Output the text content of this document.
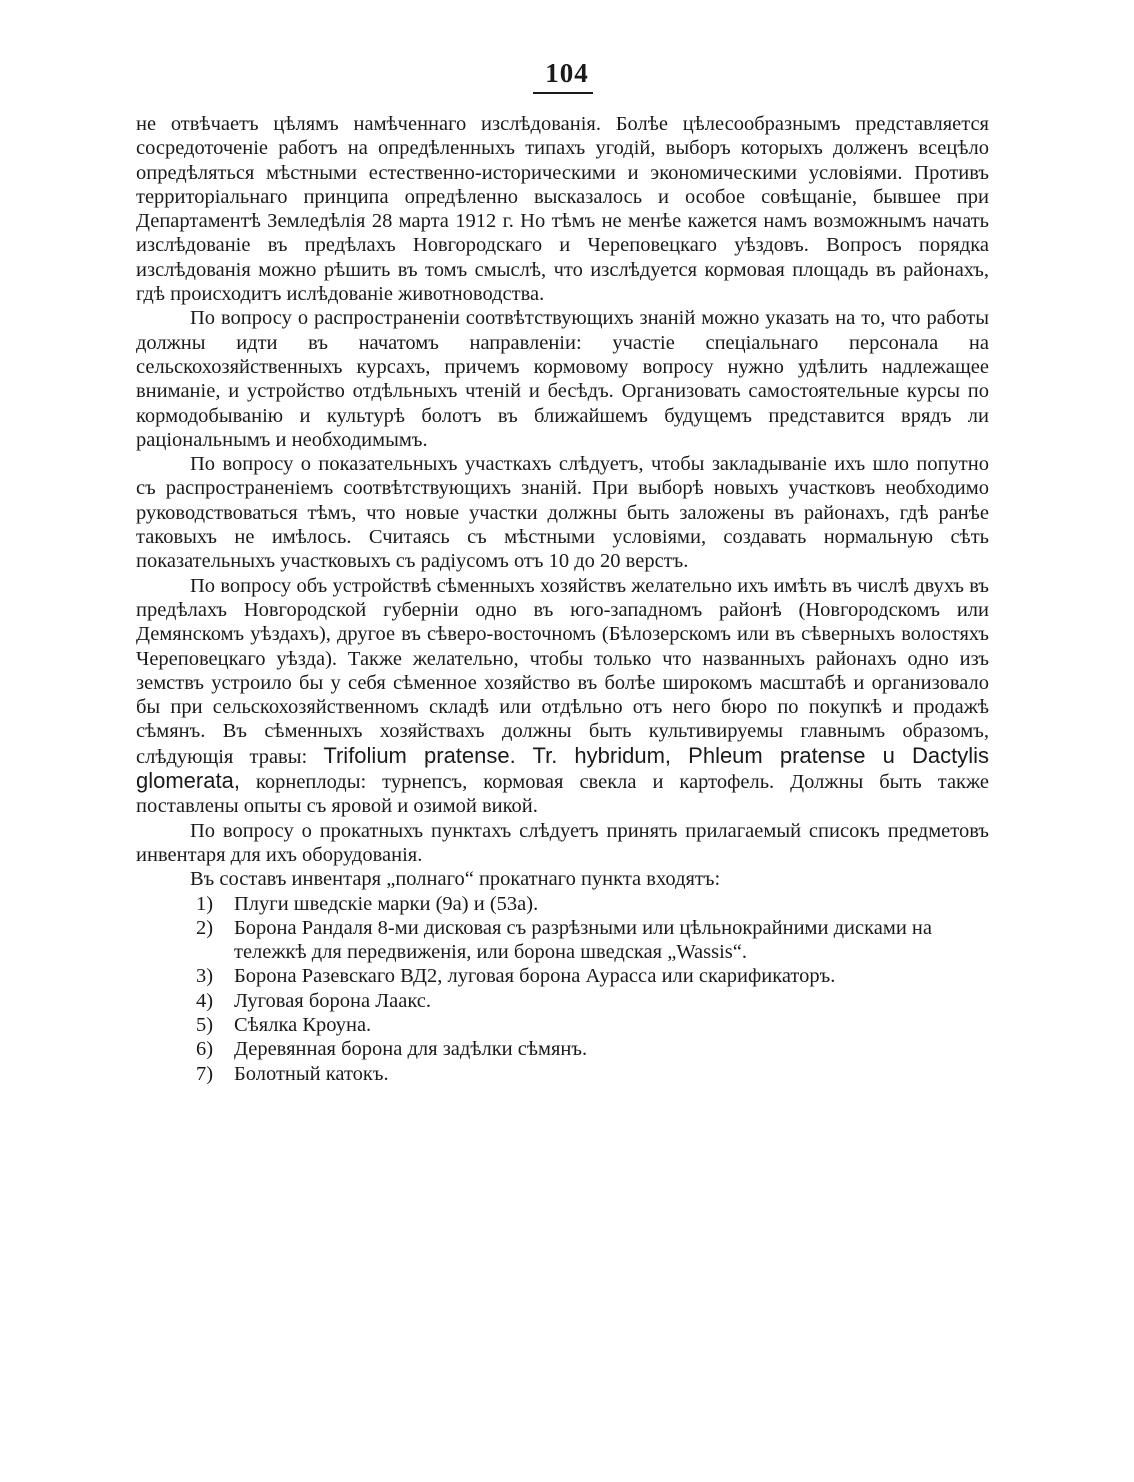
104

не отвѣчаетъ цѣлямъ намѣченнаго изслѣдованія. Болѣе цѣлесообразнымъ представляется сосредоточеніе работъ на опредѣленныхъ типахъ угодій, выборъ которыхъ долженъ всецѣло опредѣляться мѣстными естественно-историческими и экономическими условіями. Противъ территоріальнаго принципа опредѣленно высказалось и особое совѣщаніе, бывшее при Департаментѣ Земледѣлія 28 марта 1912 г. Но тѣмъ не менѣе кажется намъ возможнымъ начать изслѣдованіе въ предѣлахъ Новгородскаго и Череповецкаго уѣздовъ. Вопросъ порядка изслѣдованія можно рѣшить въ томъ смыслѣ, что изслѣдуется кормовая площадь въ районахъ, гдѣ происходитъ иcлѣдованіе животноводства.

По вопросу о распространеніи соотвѣтствующихъ знаній можно указать на то, что работы должны идти въ начатомъ направленіи: участіе спеціальнаго персонала на сельскохозяйственныхъ курсахъ, причемъ кормовому вопросу нужно удѣлить надлежащее вниманіе, и устройство отдѣльныхъ чтеній и бесѣдъ. Организовать самостоятельные курсы по кормодобыванію и культурѣ болотъ въ ближайшемъ будущемъ представится врядъ ли раціональнымъ и необходимымъ.

По вопросу о показательныхъ участкахъ слѣдуетъ, чтобы закладываніе ихъ шло попутно съ распространеніемъ соотвѣтствующихъ знаній. При выборѣ новыхъ участковъ необходимо руководствоваться тѣмъ, что новые участки должны быть заложены въ районахъ, гдѣ ранѣе таковыхъ не имѣлось. Считаясь съ мѣстными условіями, создавать нормальную сѣть показательныхъ участковыхъ съ радіусомъ отъ 10 до 20 верстъ.

По вопросу объ устройствѣ сѣменныхъ хозяйствъ желательно ихъ имѣть въ числѣ двухъ въ предѣлахъ Новгородской губерніи одно въ юго-западномъ районѣ (Новгородскомъ или Демянскомъ уѣздахъ), другое въ сѣверо-восточномъ (Бѣлозерскомъ или въ сѣверныхъ волостяхъ Череповецкаго уѣзда). Также желательно, чтобы только что названныхъ районахъ одно изъ земствъ устроило бы у себя сѣменное хозяйство въ болѣе широкомъ масштабѣ и организовало бы при сельскохозяйственномъ складѣ или отдѣльно отъ него бюро по покупкѣ и продажѣ сѣмянъ. Въ сѣменныхъ хозяйствахъ должны быть культивируемы главнымъ образомъ, слѣдующія травы: Trifolium pratense. Tr. hybridum, Phleum pratense u Dactylis glomerata, корнеплоды: турнепсъ, кормовая свекла и картофель. Должны быть также поставлены опыты съ яровой и озимой викой.

По вопросу о прокатныхъ пунктахъ слѣдуетъ принять прилагаемый списокъ предметовъ инвентаря для ихъ оборудованія.

Въ составъ инвентаря „полнаго“ прокатнаго пункта входятъ:

1)	Плуги шведскіе марки (9а) и (53а).
2)	Борона Рандаля 8-ми дисковая съ разрѣзными или цѣльнокрайними дисками на тележкѣ для передвиженія, или борона шведская „Wassis“.
3)	Борона Разевскаго ВД2, луговая борона Аурасса или скарификаторъ.
4)	Луговая борона Лаакс.
5)	Сѣялка Кроуна.
6)	Деревянная борона для задѣлки сѣмянъ.
7)	Болотный катокъ.
